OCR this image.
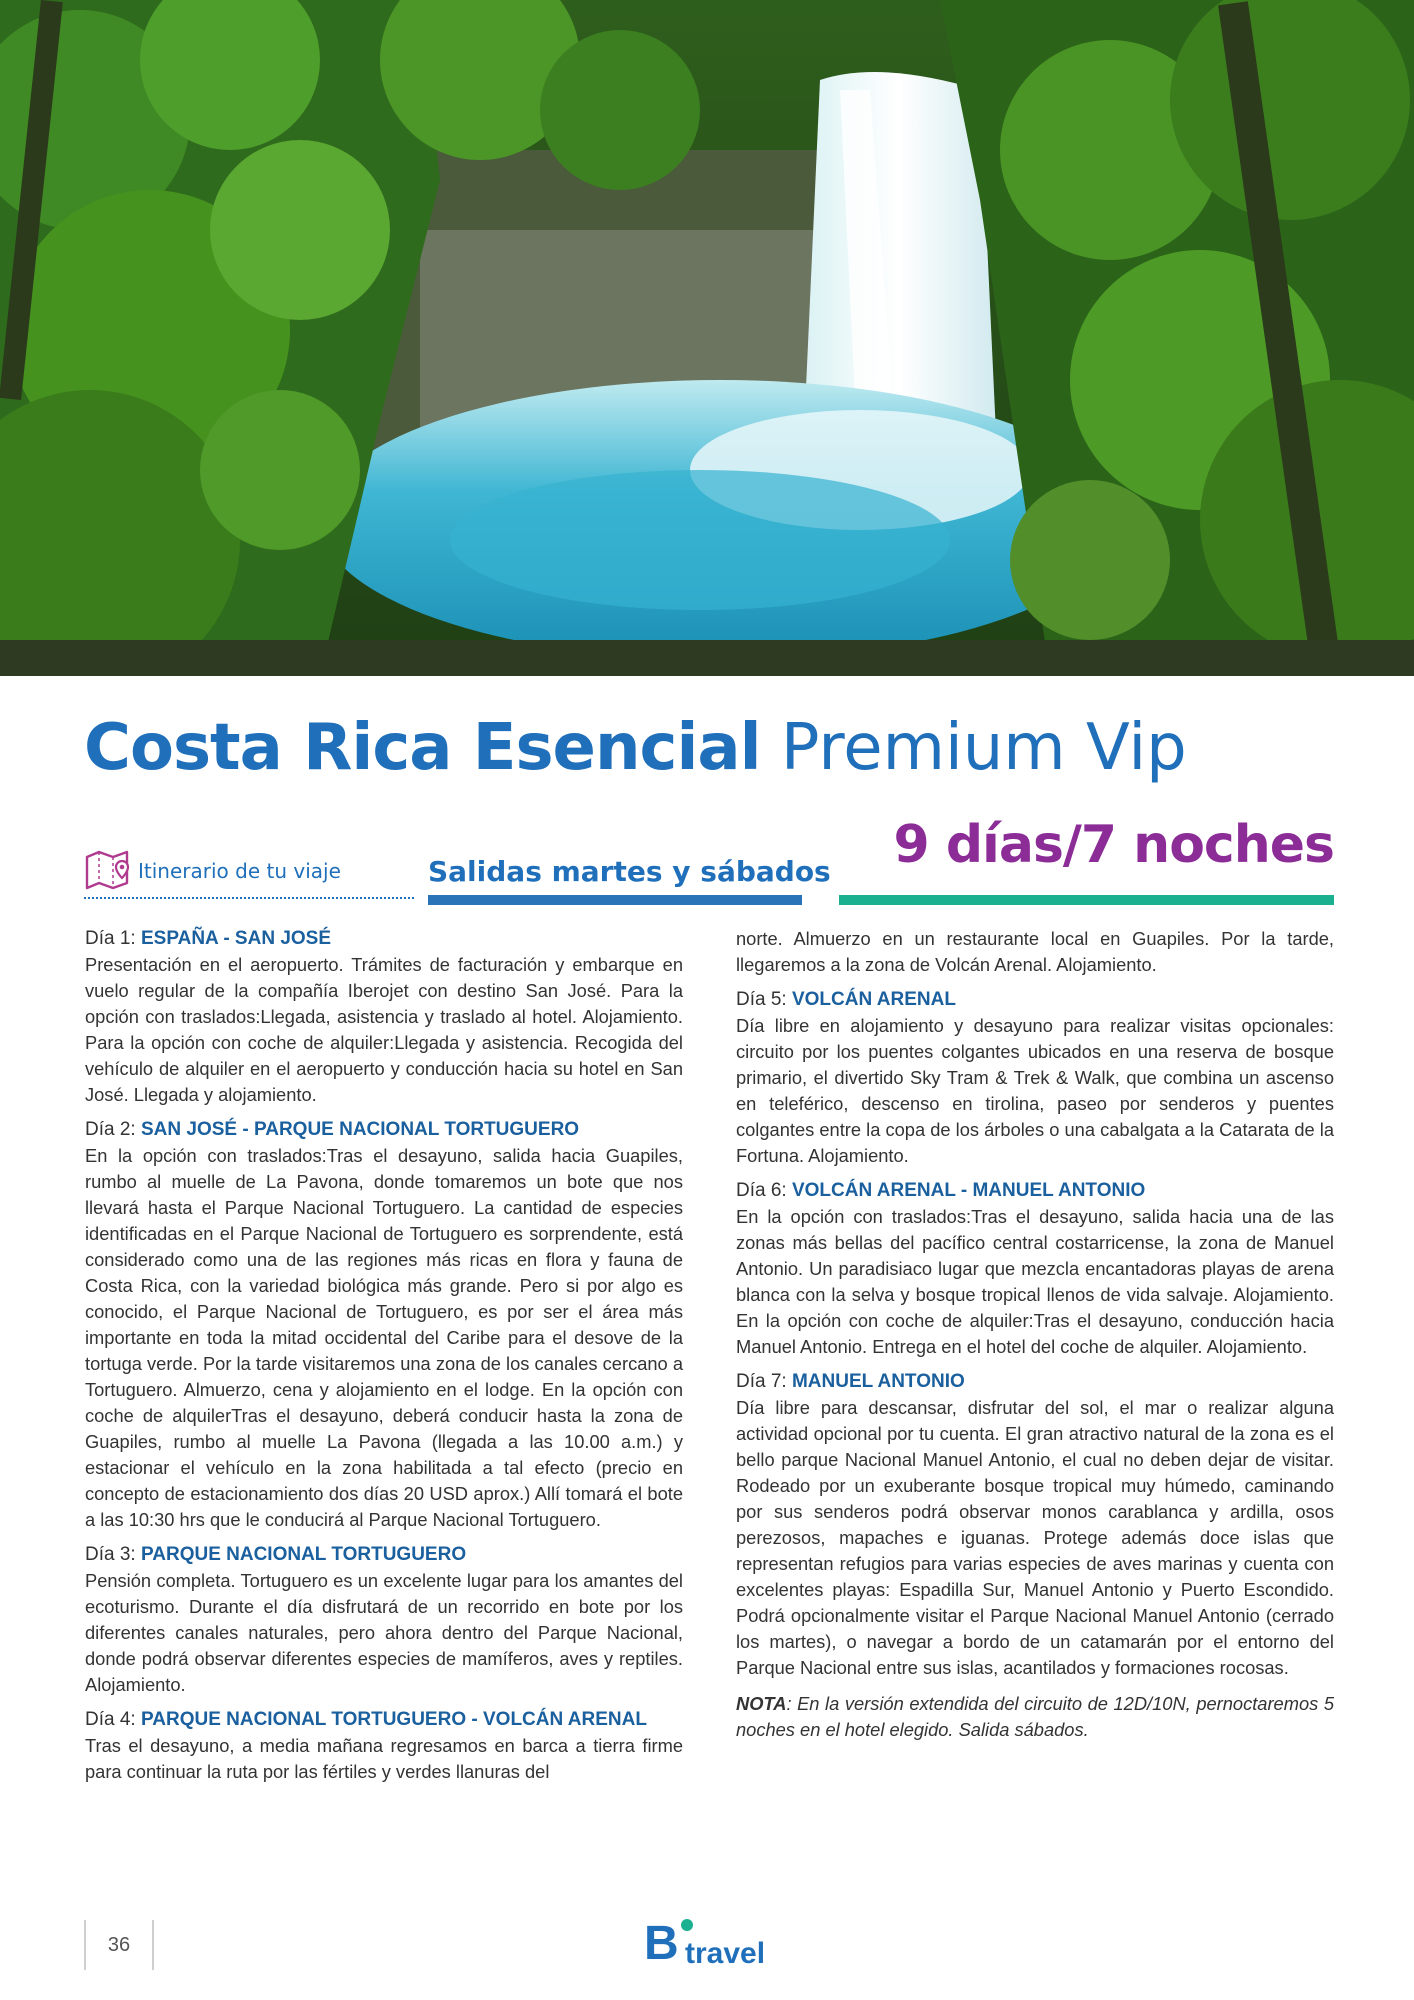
Costa Rica Esencial Premium Vip
Itinerario de tu viaje	Salidas martes y sábados 9 días/7 noches

Día 1: ESPAÑA - SAN JOSÉ

Presentación en el aeropuerto. Trámites de facturación y embarque en vuelo regular de la compañía Iberojet con destino San José. Para la opción con traslados:Llegada, asistencia y traslado al hotel. Alojamiento. Para la opción con coche de alquiler:Llegada y asistencia. Recogida del vehículo de alquiler en el aeropuerto y conducción hacia su hotel en San José. Llegada y alojamiento.

Día 2: SAN JOSÉ - PARQUE NACIONAL TORTUGUERO

En la opción con traslados:Tras el desayuno, salida hacia Guapiles, rumbo al muelle de La Pavona, donde tomaremos un bote que nos llevará hasta el Parque Nacional Tortuguero. La cantidad de especies identificadas en el Parque Nacional de Tortuguero es sorprendente, está considerado como una de las regiones más ricas en flora y fauna de Costa Rica, con la variedad biológica más grande. Pero si por algo es conocido, el Parque Nacional de Tortuguero, es por ser el área más importante en toda la mitad occidental del Caribe para el desove de la tortuga verde. Por la tarde visitaremos una zona de los canales cercano a Tortuguero. Almuerzo, cena y alojamiento en el lodge. En la opción con coche de alquilerTras el desayuno, deberá conducir hasta la zona de Guapiles, rumbo al muelle La Pavona (llegada a las 10.00 a.m.) y estacionar el vehículo en la zona habilitada a tal efecto (precio en concepto de estacionamiento dos días 20 USD aprox.) Allí tomará el bote a las 10:30 hrs que le conducirá al Parque Nacional Tortuguero.

Día 3: PARQUE NACIONAL TORTUGUERO

Pensión completa. Tortuguero es un excelente lugar para los amantes del ecoturismo. Durante el día disfrutará de un recorrido en bote por los diferentes canales naturales, pero ahora dentro del Parque Nacional, donde podrá observar diferentes especies de mamíferos, aves y reptiles. Alojamiento.

Día 4: PARQUE NACIONAL TORTUGUERO - VOLCÁN ARENAL

Tras el desayuno, a media mañana regresamos en barca a tierra firme para continuar la ruta por las fértiles y verdes llanuras del

norte. Almuerzo en un restaurante local en Guapiles. Por la tarde, llegaremos a la zona de Volcán Arenal. Alojamiento.

Día 5: VOLCÁN ARENAL

Día libre en alojamiento y desayuno para realizar visitas opcionales: circuito por los puentes colgantes ubicados en una reserva de bosque primario, el divertido Sky Tram & Trek & Walk, que combina un ascenso en teleférico, descenso en tirolina, paseo por senderos y puentes colgantes entre la copa de los árboles o una cabalgata a la Catarata de la Fortuna. Alojamiento.

Día 6: VOLCÁN ARENAL - MANUEL ANTONIO

En la opción con traslados:Tras el desayuno, salida hacia una de las zonas más bellas del pacífico central costarricense, la zona de Manuel Antonio. Un paradisiaco lugar que mezcla encantadoras playas de arena blanca con la selva y bosque tropical llenos de vida salvaje. Alojamiento. En la opción con coche de alquiler:Tras el desayuno, conducción hacia Manuel Antonio. Entrega en el hotel del coche de alquiler. Alojamiento.

Día 7: MANUEL ANTONIO

Día libre para descansar, disfrutar del sol, el mar o realizar alguna actividad opcional por tu cuenta. El gran atractivo natural de la zona es el bello parque Nacional Manuel Antonio, el cual no deben dejar de visitar. Rodeado por un exuberante bosque tropical muy húmedo, caminando por sus senderos podrá observar monos carablanca y ardilla, osos perezosos, mapaches e iguanas. Protege además doce islas que representan refugios para varias especies de aves marinas y cuenta con excelentes playas: Espadilla Sur, Manuel Antonio y Puerto Escondido. Podrá opcionalmente visitar el Parque Nacional Manuel Antonio (cerrado los martes), o navegar a bordo de un catamarán por el entorno del Parque Nacional entre sus islas, acantilados y formaciones rocosas.

NOTA: En la versión extendida del circuito de 12D/10N, pernoctaremos 5 noches en el hotel elegido. Salida sábados.

36	B travel
